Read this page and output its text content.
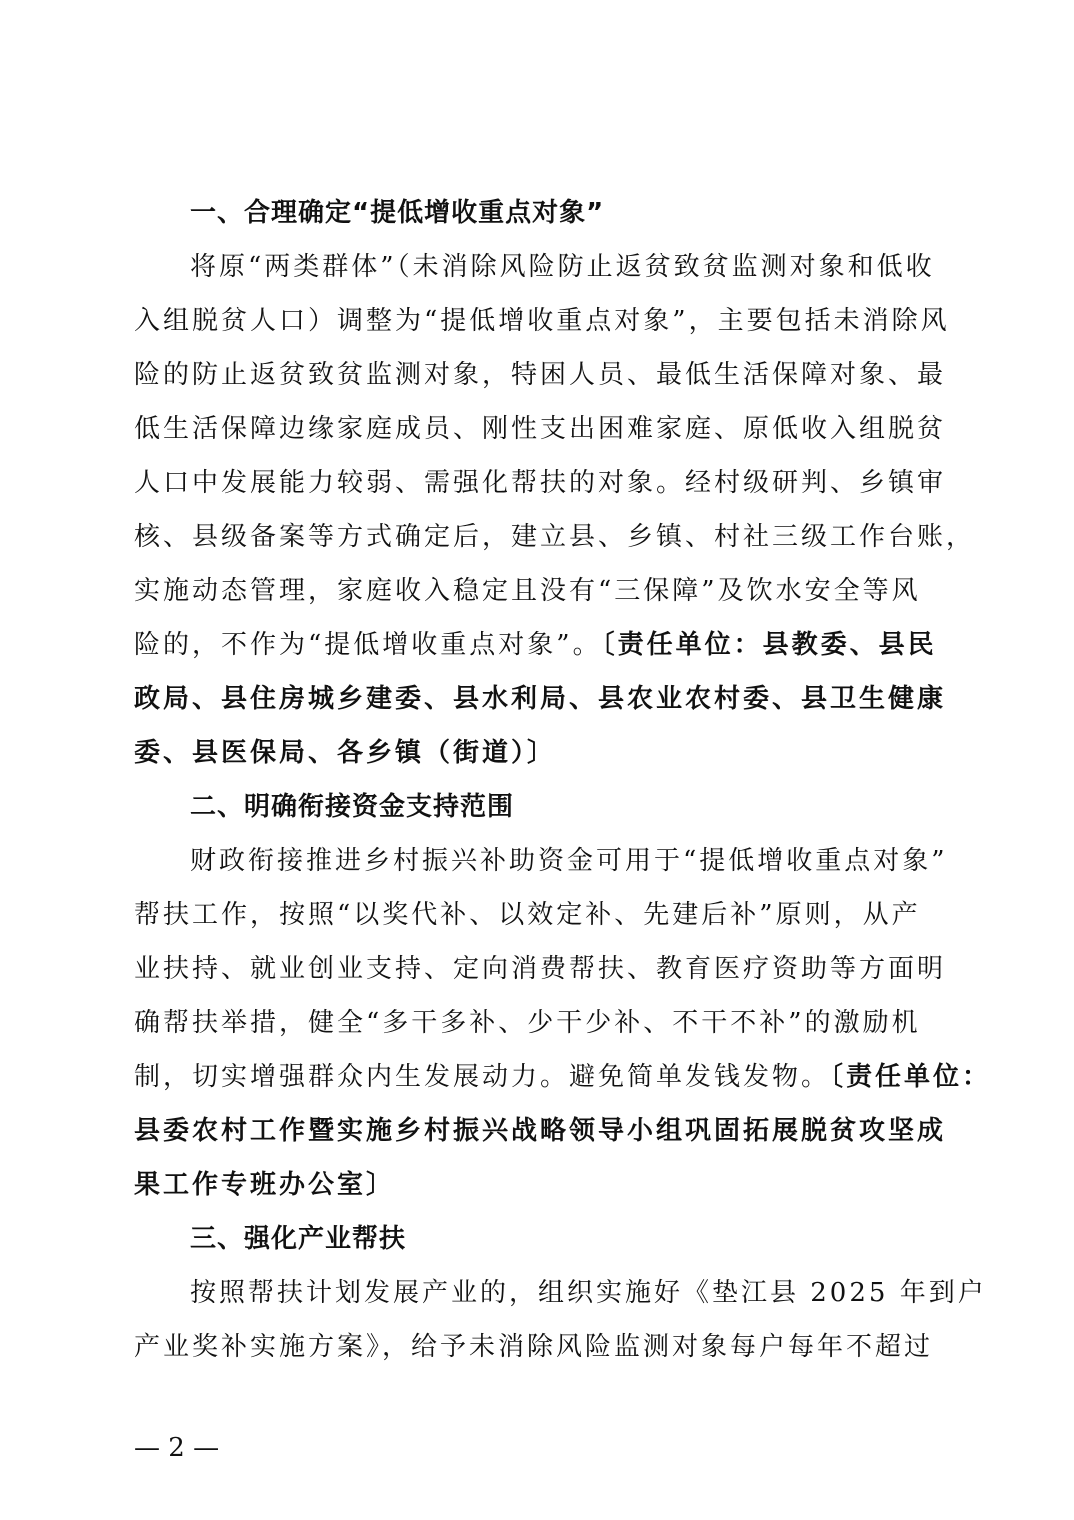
一、合理确定“提低增收重点对象”
将原“两类群体”（未消除风险防止返贫致贫监测对象和低收
入组脱贫人口）调整为“提低增收重点对象”，主要包括未消除风
险的防止返贫致贫监测对象，特困人员、最低生活保障对象、最
低生活保障边缘家庭成员、刚性支出困难家庭、原低收入组脱贫
人口中发展能力较弱、需强化帮扶的对象。经村级研判、乡镇审
核、县级备案等方式确定后，建立县、乡镇、村社三级工作台账，
实施动态管理，家庭收入稳定且没有“三保障”及饮水安全等风
险的，不作为“提低增收重点对象”。〔责任单位：县教委、县民
政局、县住房城乡建委、县水利局、县农业农村委、县卫生健康
委、县医保局、各乡镇（街道）〕
二、明确衔接资金支持范围
财政衔接推进乡村振兴补助资金可用于“提低增收重点对象”
帮扶工作，按照“以奖代补、以效定补、先建后补”原则，从产
业扶持、就业创业支持、定向消费帮扶、教育医疗资助等方面明
确帮扶举措，健全“多干多补、少干少补、不干不补”的激励机
制，切实增强群众内生发展动力。避免简单发钱发物。〔责任单位：
县委农村工作暨实施乡村振兴战略领导小组巩固拓展脱贫攻坚成
果工作专班办公室〕
三、强化产业帮扶
按照帮扶计划发展产业的，组织实施好《垫江县 2025 年到户
产业奖补实施方案》，给予未消除风险监测对象每户每年不超过
— 2 —
